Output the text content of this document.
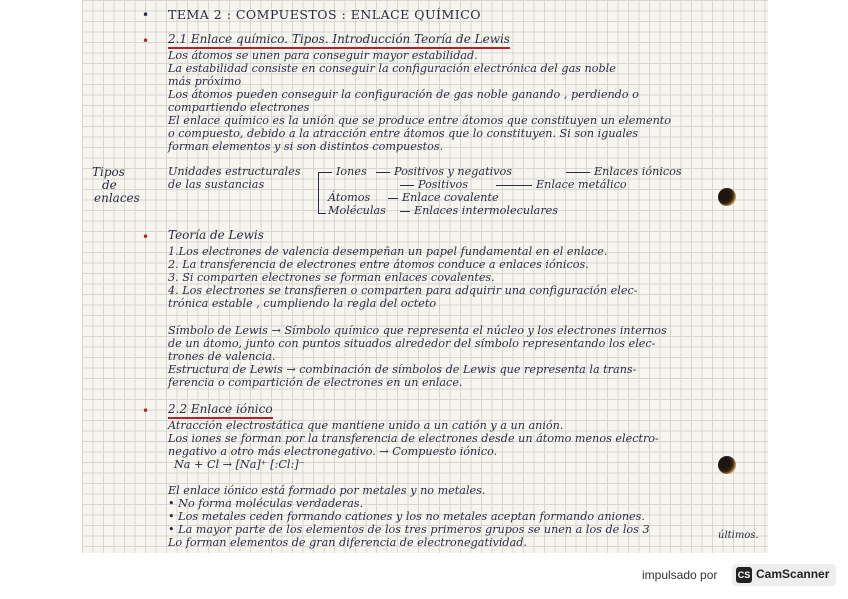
• TEMA 2 : COMPUESTOS : ENLACE QUÍMICO

• 2.1 Enlace químico. Tipos. Introducción Teoría de Lewis

Los átomos se unen para conseguir mayor estabilidad.

La estabilidad consiste en conseguir la configuración electrónica del gas noble

más próximo

Los átomos pueden conseguir la configuración de gas noble ganando , perdiendo o

compartiendo electrones

El enlace químico es la unión que se produce entre átomos que constituyen un elemento

o compuesto, debido a la atracción entre átomos que lo constituyen. Si son iguales

forman elementos y si son distintos compuestos.

Tipos

de

enlaces

Unidades estructurales

de las sustancias

Iones Positivos y negativos	Enlaces iónicos

Positivos	Enlace metálico

Átomos	Enlace covalente

Moléculas	Enlaces intermoleculares

• Teoría de Lewis

1.Los electrones de valencia desempeñan un papel fundamental en el enlace.

2. La transferencia de electrones entre átomos conduce a enlaces iónicos.

3. Si comparten electrones se forman enlaces covalentes.

4. Los electrones se transfieren o comparten para adquirir una configuración elec-

trónica estable , cumpliendo la regla del octeto

Símbolo de Lewis → Símbolo químico que representa el núcleo y los electrones internos

de un átomo, junto con puntos situados alrededor del símbolo representando los elec-

trones de valencia.

Estructura de Lewis → combinación de símbolos de Lewis que representa la trans-

ferencia o compartición de electrones en un enlace.

• 2.2 Enlace iónico

Atracción electrostática que mantiene unido a un catión y a un anión.

Los iones se forman por la transferencia de electrones desde un átomo menos electro-

negativo a otro más electronegativo. → Compuesto iónico.

Na + Cl → [Na]⁺ [:Cl:]⁻

El enlace iónico está formado por metales y no metales.

• No forma moléculas verdaderas.

• Los metales ceden formando cationes y los no metales aceptan formando aniones.

• La mayor parte de los elementos de los tres primeros grupos se unen a los de los 3	últimos.

Lo forman elementos de gran diferencia de electronegatividad.

impulsado por CS CamScanner
